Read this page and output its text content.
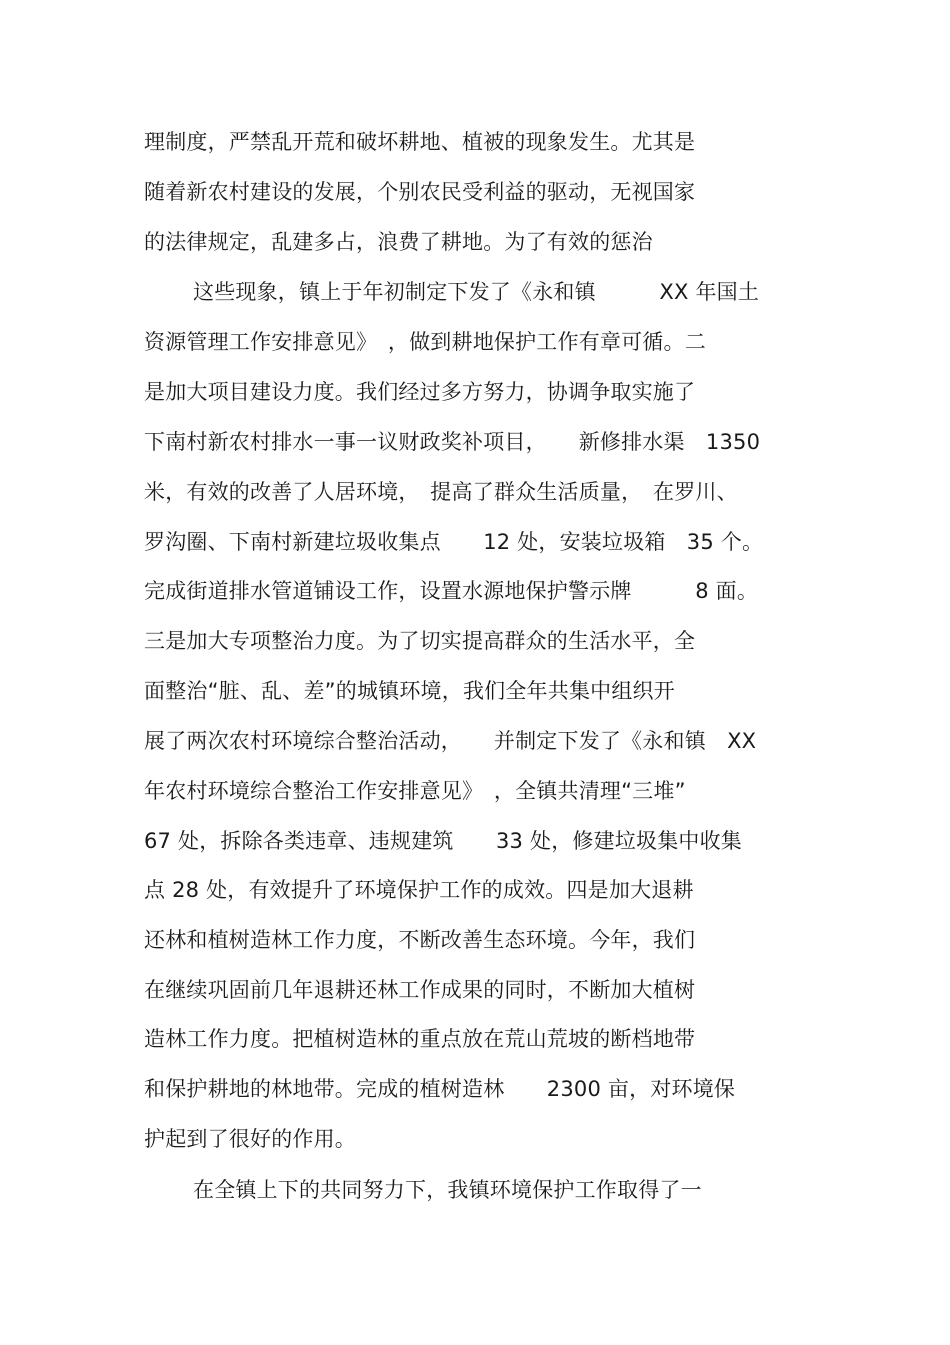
理制度，严禁乱开荒和破坏耕地、植被的现象发生。尤其是
随着新农村建设的发展，个别农民受利益的驱动，无视国家
的法律规定，乱建多占，浪费了耕地。为了有效的惩治
这些现象，镇上于年初制定下发了《永和镇　　　XX 年国土
资源管理工作安排意见》　，做到耕地保护工作有章可循。二
是加大项目建设力度。我们经过多方努力，协调争取实施了
下南村新农村排水一事一议财政奖补项目，　　新修排水渠　1350
米，有效的改善了人居环境，　提高了群众生活质量，　在罗川、
罗沟圈、下南村新建垃圾收集点　　12 处，安装垃圾箱　35 个。
完成街道排水管道铺设工作，设置水源地保护警示牌　　　8 面。
三是加大专项整治力度。为了切实提高群众的生活水平，全
面整治“脏、乱、差”的城镇环境，我们全年共集中组织开
展了两次农村环境综合整治活动，　　并制定下发了《永和镇　XX
年农村环境综合整治工作安排意见》　，全镇共清理“三堆”
67 处，拆除各类违章、违规建筑　　33 处，修建垃圾集中收集
点 28 处，有效提升了环境保护工作的成效。四是加大退耕
还林和植树造林工作力度，不断改善生态环境。今年，我们
在继续巩固前几年退耕还林工作成果的同时，不断加大植树
造林工作力度。把植树造林的重点放在荒山荒坡的断档地带
和保护耕地的林地带。完成的植树造林　　2300 亩，对环境保
护起到了很好的作用。
在全镇上下的共同努力下，我镇环境保护工作取得了一
